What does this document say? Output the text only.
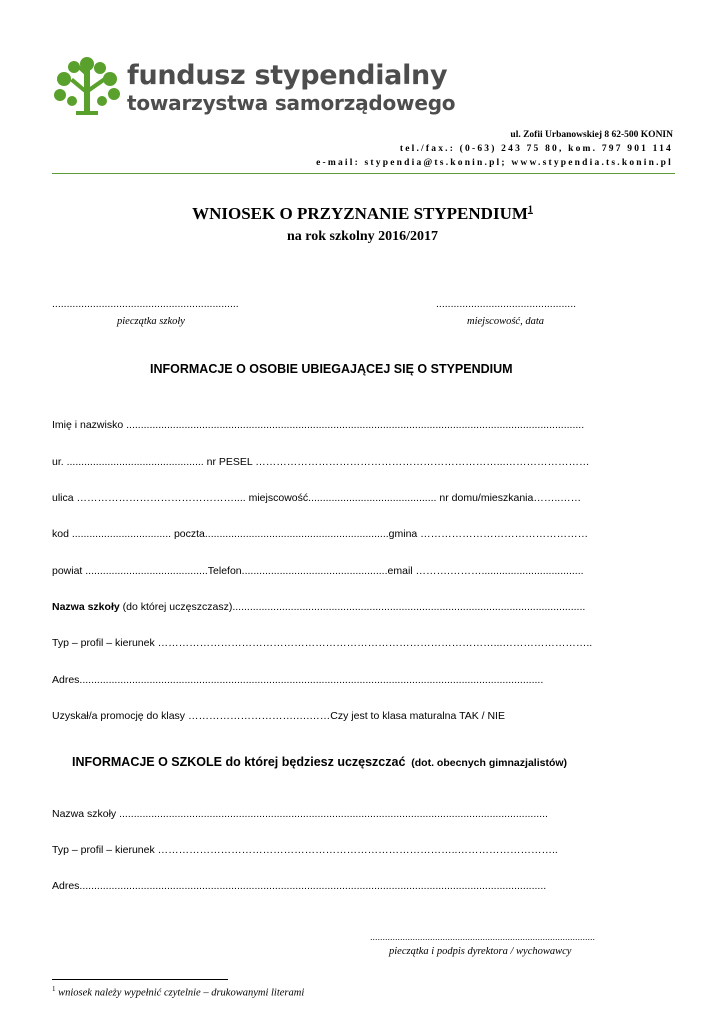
fundusz stypendialny
towarzystwa samorządowego
ul. Zofii Urbanowskiej 8 62-500 KONIN
tel./fax.: (0-63) 243 75 80, kom. 797 901 114
e-mail: stypendia@ts.konin.pl; www.stypendia.ts.konin.pl
WNIOSEK O PRZYZNANIE STYPENDIUM$^1$
na rok szkolny 2016/2017
................................................................
pieczątka szkoły
................................................
miejscowość, data
INFORMACJE O OSOBIE UBIEGAJĄCEJ SIĘ O STYPENDIUM
Imię i nazwisko .............................................................................................................................................................
ur. ............................................... nr PESEL ……………………………………………………………...……………………
ulica ……………………………………….... miejscowość............................................ nr domu/mieszkania……..……
kod .................................. poczta...............................................................gmina …………………………………………
powiat ..........................................Telefon..................................................email ……….………...................................
Nazwa szkoły (do której uczęszczasz).........................................................................................................................
Typ – profil – kierunek ……………………………………………………………………………………...……………………..
Adres...............................................................................................................................................................
Uzyskał/a promocję do klasy ………………………….….……Czy jest to klasa maturalna TAK / NIE
INFORMACJE O SZKOLE do której będziesz uczęszczać (dot. obecnych gimnazjalistów)
Nazwa szkoły ...................................................................................................................................................
Typ – profil – kierunek …………………………………………………………………………..………………………..
Adres................................................................................................................................................................
..........................................................................................
pieczątka i podpis dyrektora / wychowawcy
$^1$ wniosek należy wypełnić czytelnie – drukowanymi literami
